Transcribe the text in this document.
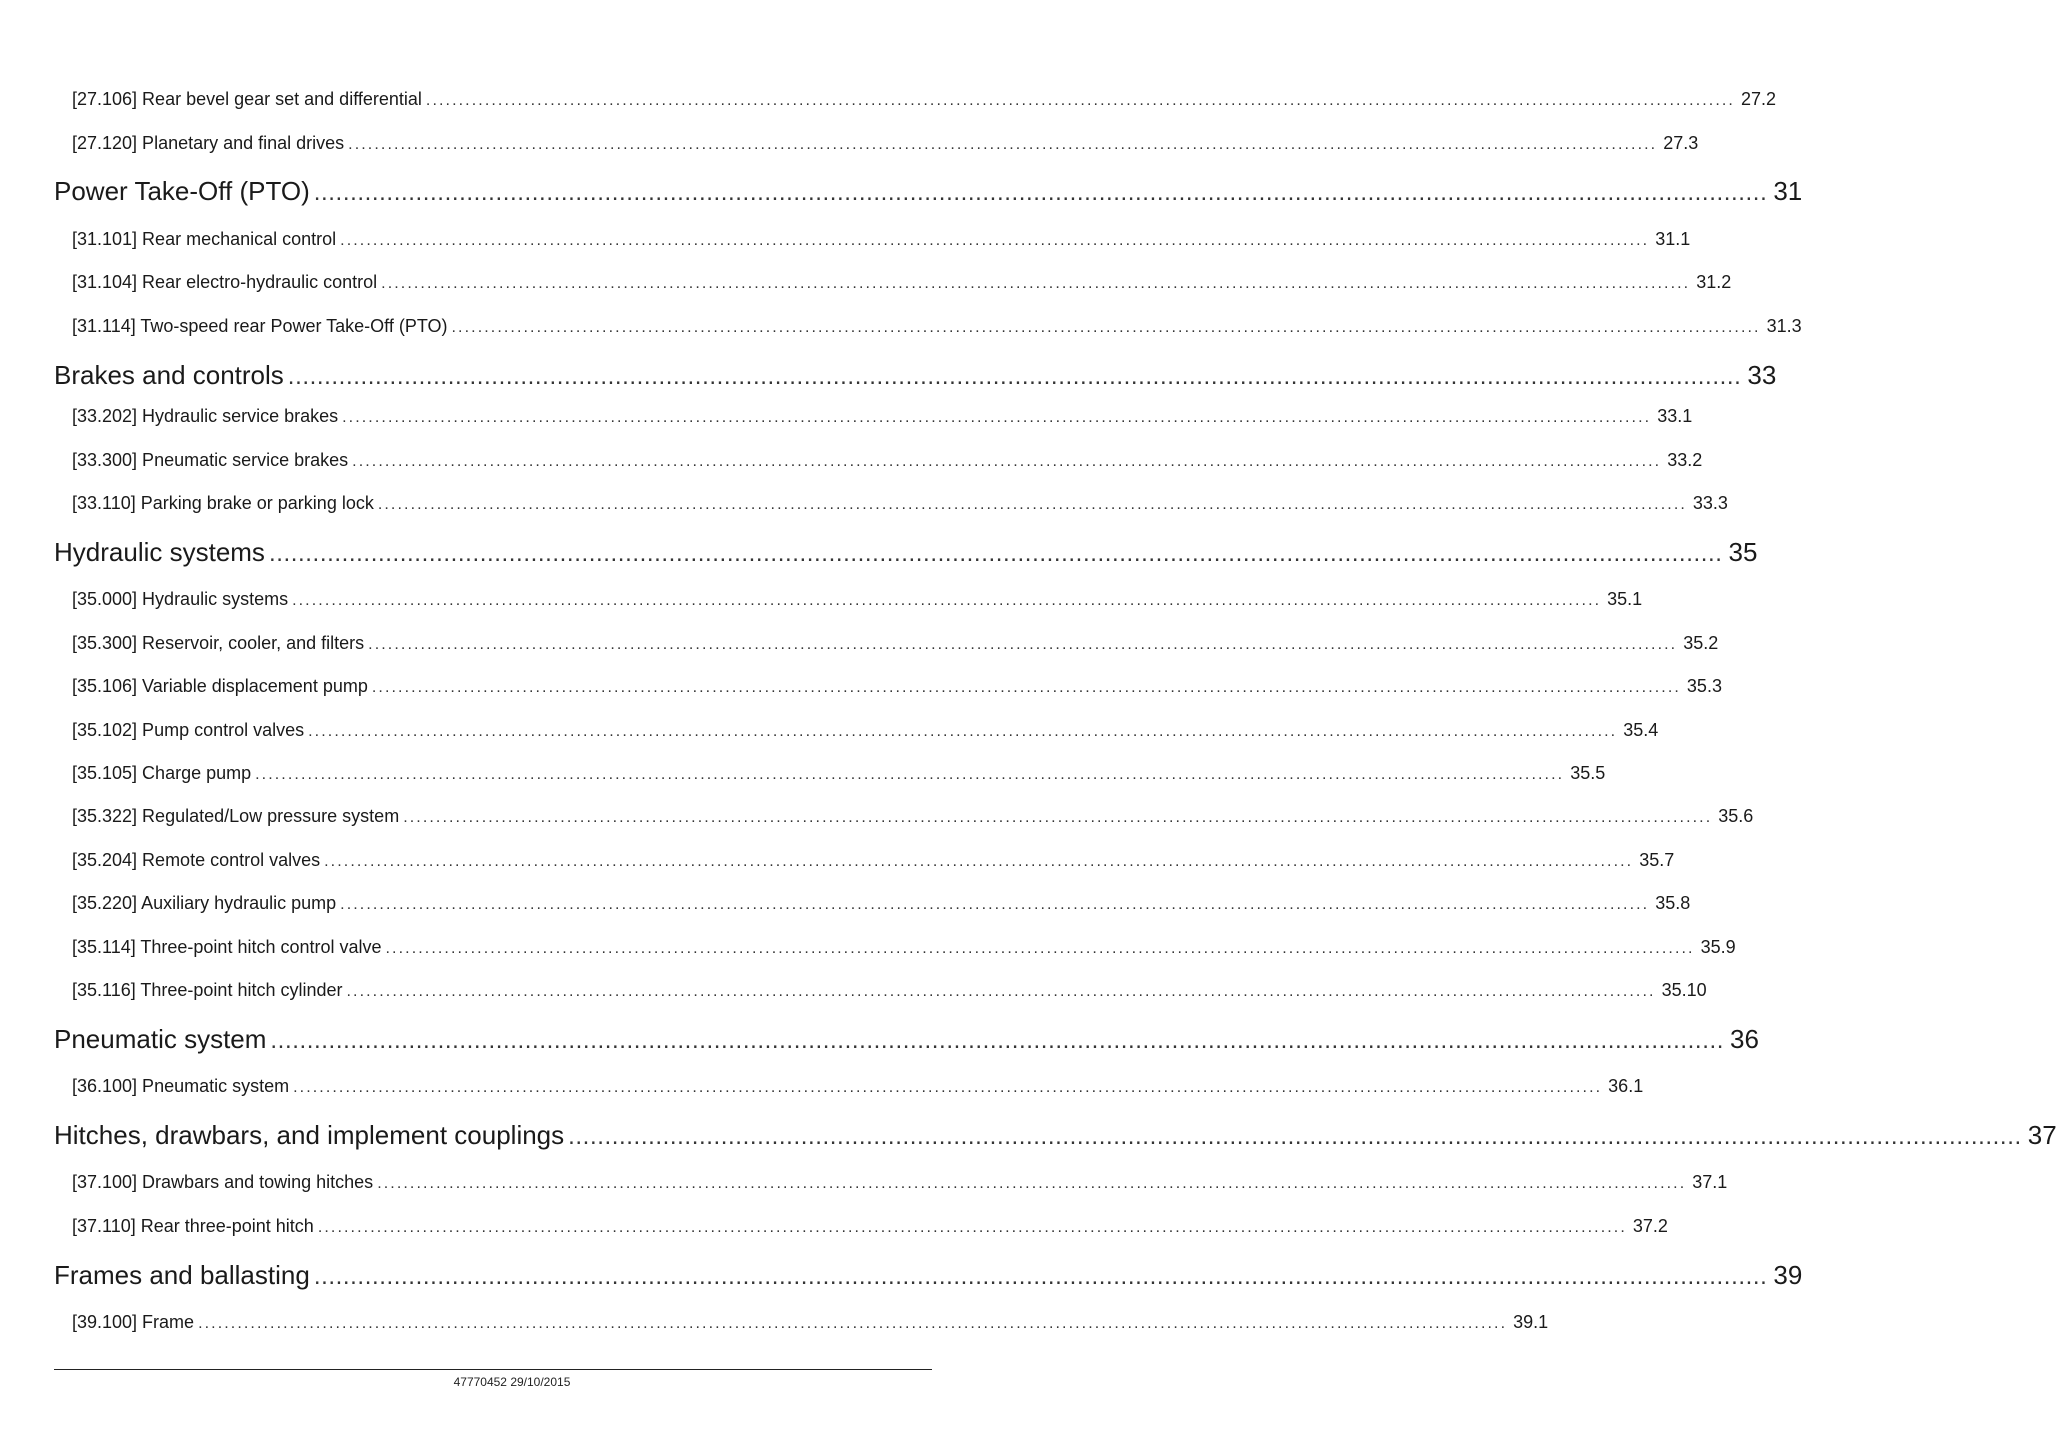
[27.106] Rear bevel gear set and differential ........................................................................................................................................................................................................ 27.2
[27.120] Planetary and final drives ........................................................................................................................................................................................................ 27.3
Power Take-Off (PTO) ........................................................................................................................................................................................................ 31
[31.101] Rear mechanical control ........................................................................................................................................................................................................ 31.1
[31.104] Rear electro-hydraulic control ........................................................................................................................................................................................................ 31.2
[31.114] Two-speed rear Power Take-Off (PTO) ........................................................................................................................................................................................................ 31.3
Brakes and controls ........................................................................................................................................................................................................ 33
[33.202] Hydraulic service brakes ........................................................................................................................................................................................................ 33.1
[33.300] Pneumatic service brakes ........................................................................................................................................................................................................ 33.2
[33.110] Parking brake or parking lock ........................................................................................................................................................................................................ 33.3
Hydraulic systems ........................................................................................................................................................................................................ 35
[35.000] Hydraulic systems ........................................................................................................................................................................................................ 35.1
[35.300] Reservoir, cooler, and filters ........................................................................................................................................................................................................ 35.2
[35.106] Variable displacement pump ........................................................................................................................................................................................................ 35.3
[35.102] Pump control valves ........................................................................................................................................................................................................ 35.4
[35.105] Charge pump ........................................................................................................................................................................................................ 35.5
[35.322] Regulated/Low pressure system ........................................................................................................................................................................................................ 35.6
[35.204] Remote control valves ........................................................................................................................................................................................................ 35.7
[35.220] Auxiliary hydraulic pump ........................................................................................................................................................................................................ 35.8
[35.114] Three-point hitch control valve ........................................................................................................................................................................................................ 35.9
[35.116] Three-point hitch cylinder ........................................................................................................................................................................................................ 35.10
Pneumatic system ........................................................................................................................................................................................................ 36
[36.100] Pneumatic system ........................................................................................................................................................................................................ 36.1
Hitches, drawbars, and implement couplings ........................................................................................................................................................................................................ 37
[37.100] Drawbars and towing hitches ........................................................................................................................................................................................................ 37.1
[37.110] Rear three-point hitch ........................................................................................................................................................................................................ 37.2
Frames and ballasting ........................................................................................................................................................................................................ 39
[39.100] Frame ........................................................................................................................................................................................................ 39.1
47770452 29/10/2015
